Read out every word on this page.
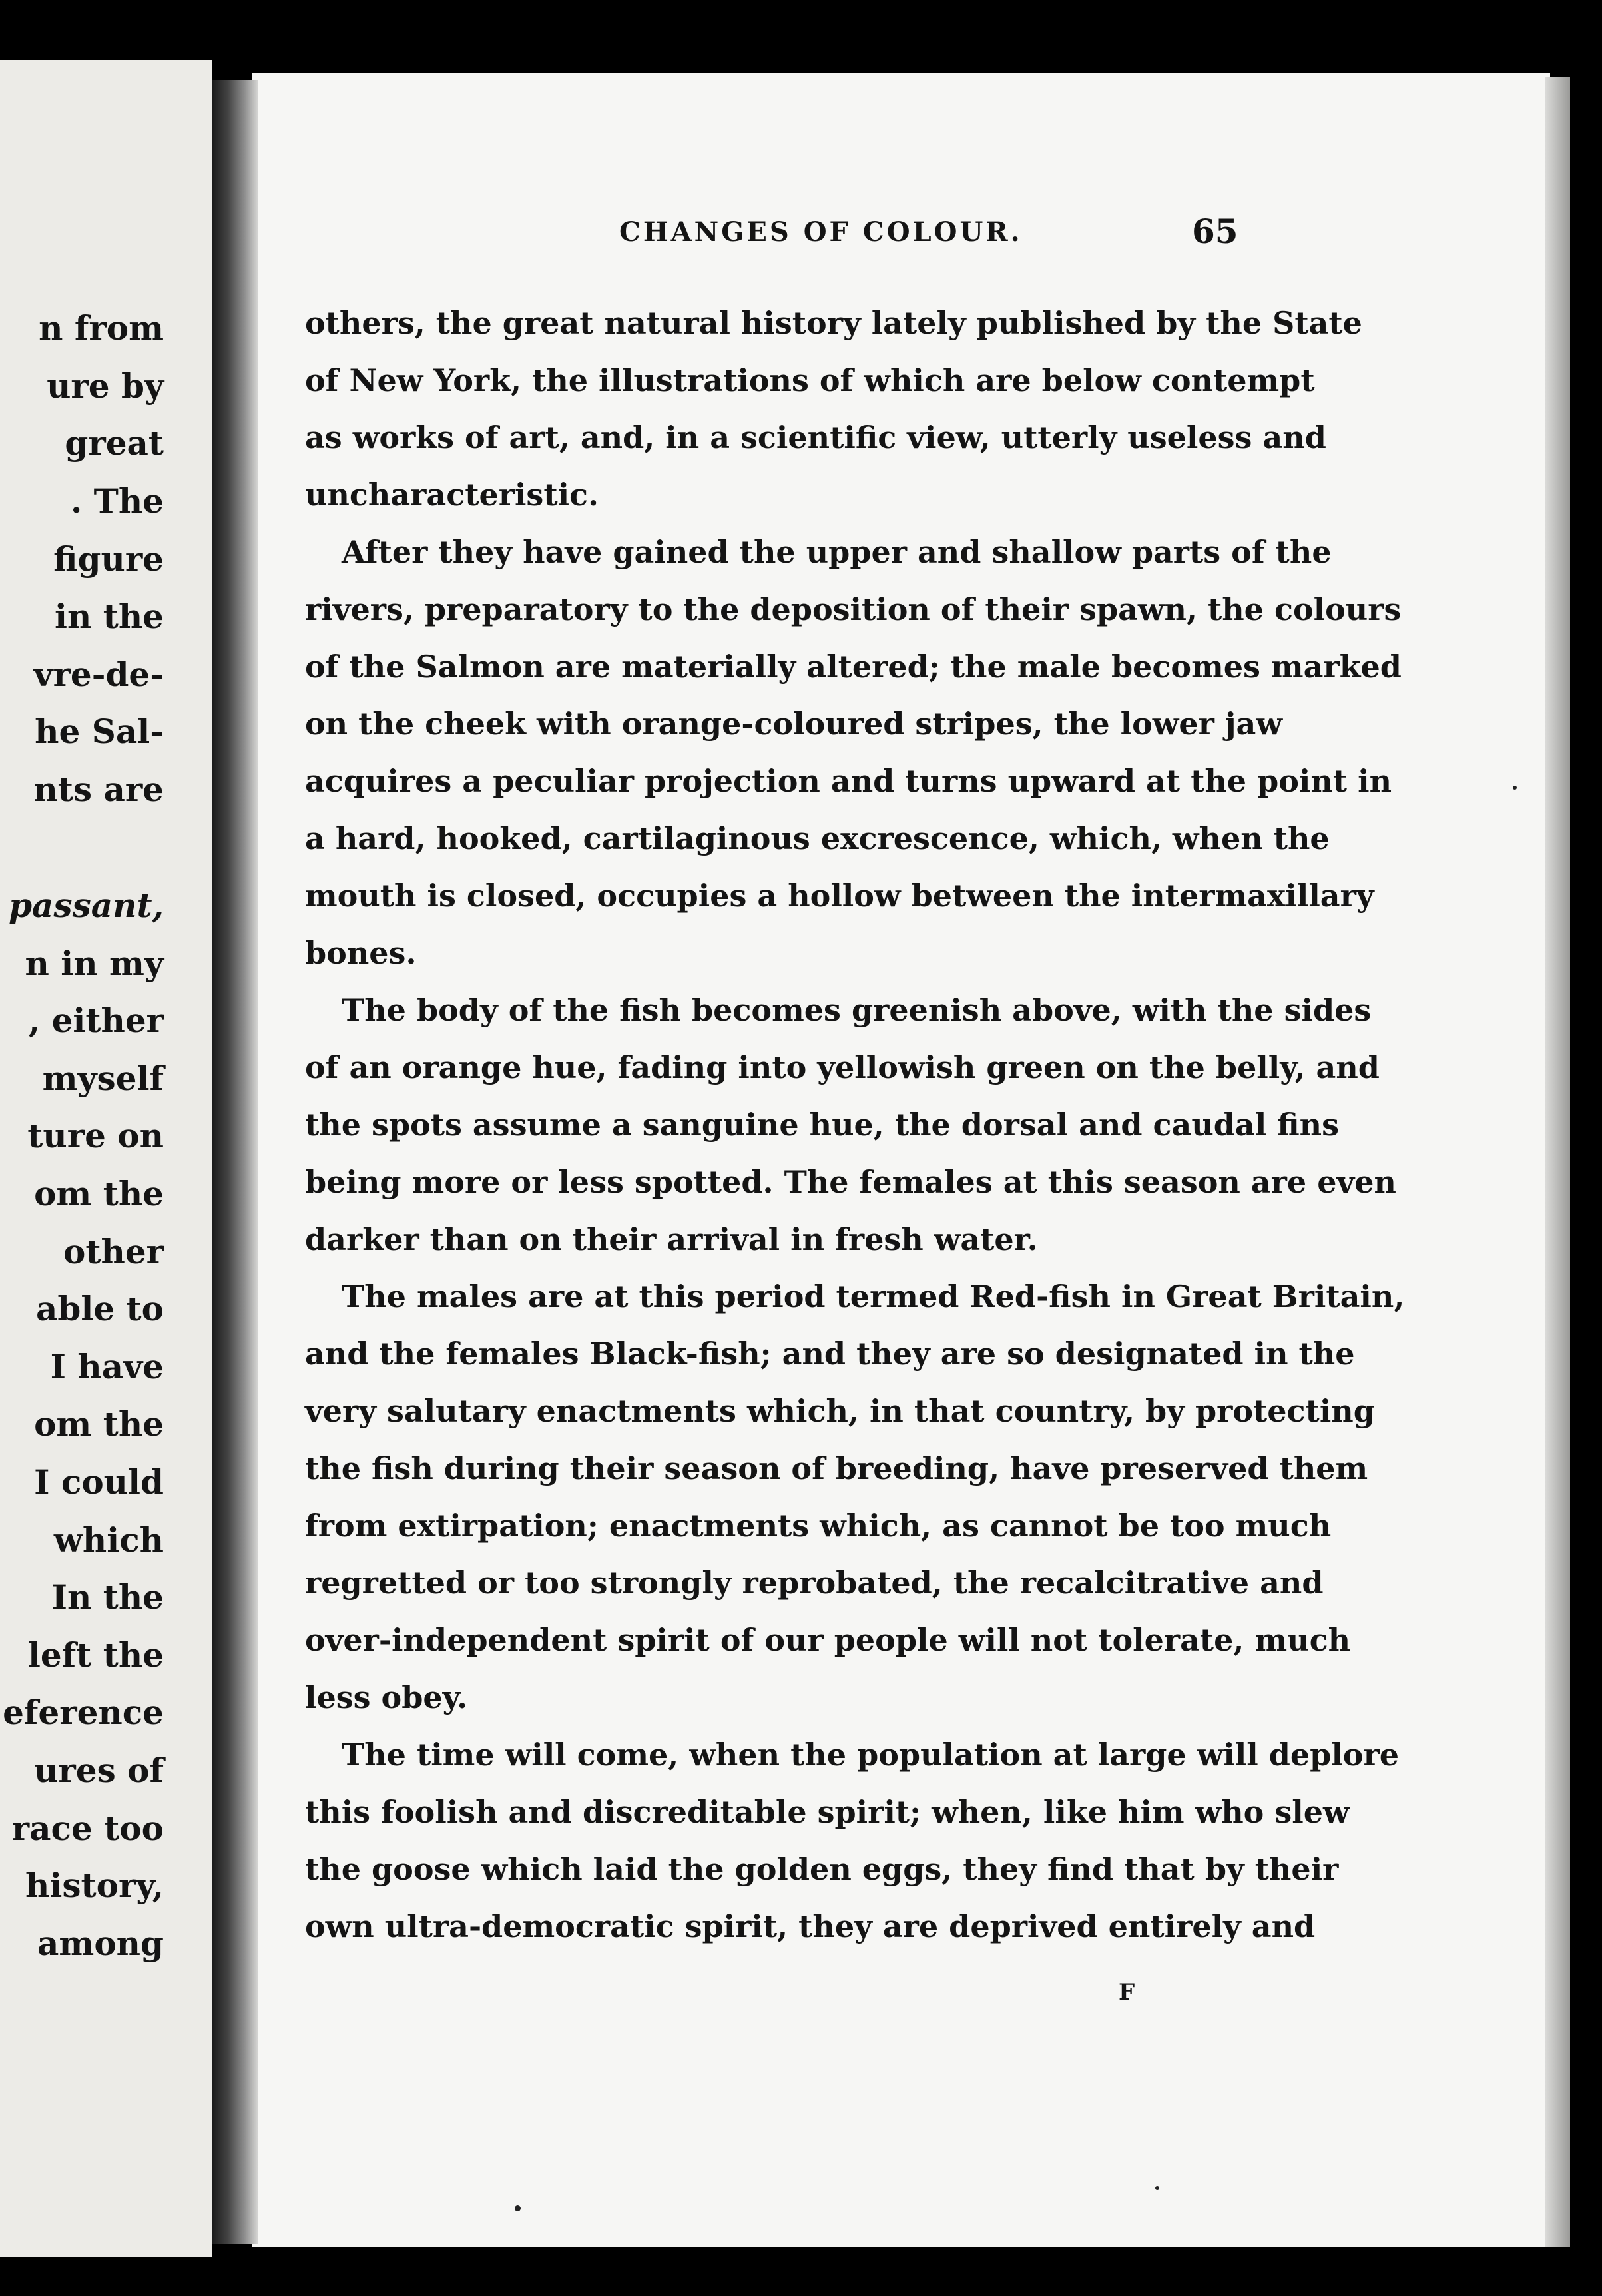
n from

ure by

great

. The

figure

in the

vre-de-

he Sal-

nts are

passant,

n in my

, either

myself

ture on

om the

other

able to

I have

om the

I could

which

In the

left the

eference

ures of

race too

history,

among

CHANGES OF COLOUR.	65

others, the great natural history lately published by the State

of New York, the illustrations of which are below contempt

as works of art, and, in a scientific view, utterly useless and

uncharacteristic.

After they have gained the upper and shallow parts of the

rivers, preparatory to the deposition of their spawn, the colours

of the Salmon are materially altered; the male becomes marked

on the cheek with orange-coloured stripes, the lower jaw

acquires a peculiar projection and turns upward at the point in

a hard, hooked, cartilaginous excrescence, which, when the

mouth is closed, occupies a hollow between the intermaxillary

bones.

The body of the fish becomes greenish above, with the sides

of an orange hue, fading into yellowish green on the belly, and

the spots assume a sanguine hue, the dorsal and caudal fins

being more or less spotted. The females at this season are even

darker than on their arrival in fresh water.

The males are at this period termed Red-fish in Great Britain,

and the females Black-fish; and they are so designated in the

very salutary enactments which, in that country, by protecting

the fish during their season of breeding, have preserved them

from extirpation; enactments which, as cannot be too much

regretted or too strongly reprobated, the recalcitrative and

over-independent spirit of our people will not tolerate, much

less obey.

The time will come, when the population at large will deplore

this foolish and discreditable spirit; when, like him who slew

the goose which laid the golden eggs, they find that by their

own ultra-democratic spirit, they are deprived entirely and

F
